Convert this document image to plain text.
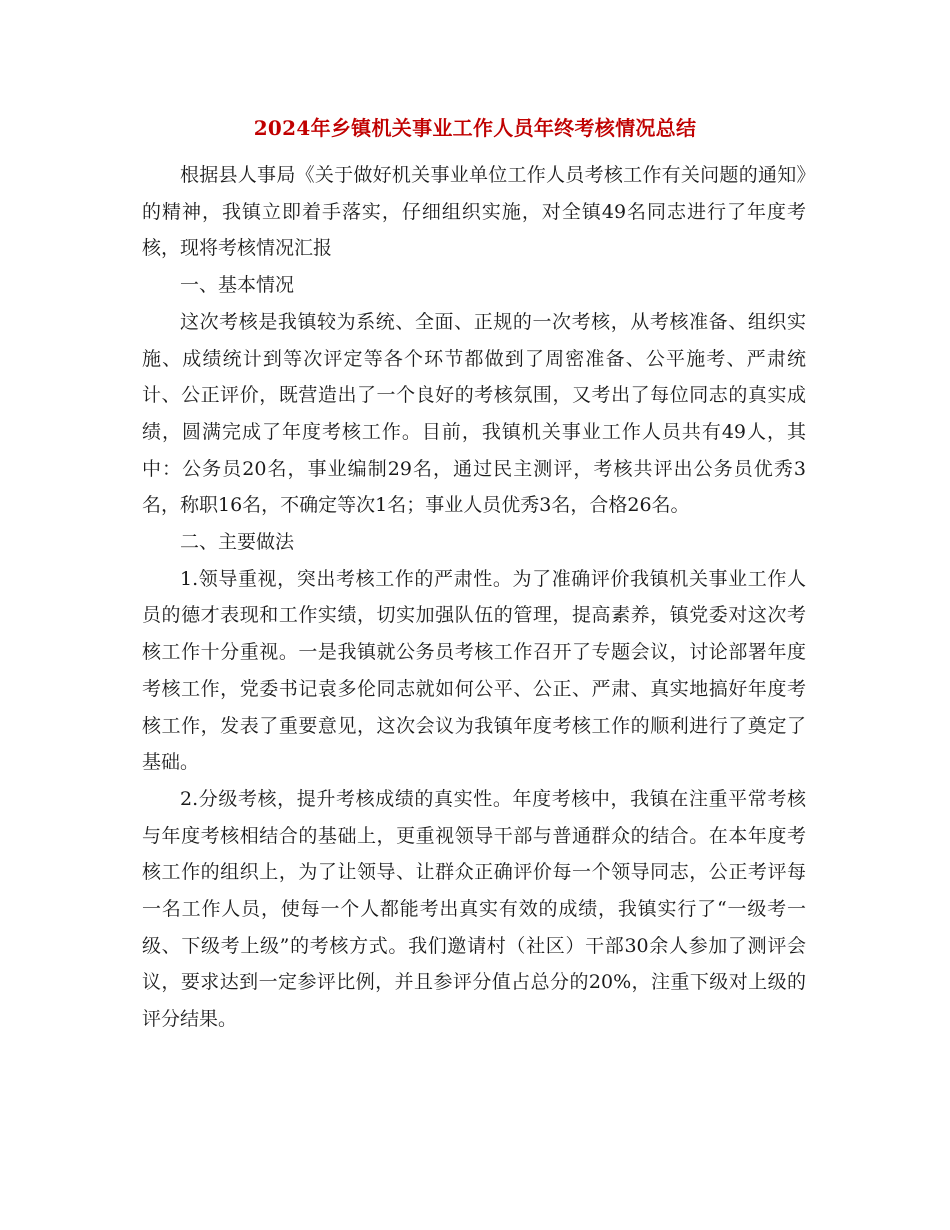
2024年乡镇机关事业工作人员年终考核情况总结

根据县人事局《关于做好机关事业单位工作人员考核工作有关问题的通知》的精神，我镇立即着手落实，仔细组织实施，对全镇49名同志进行了年度考核，现将考核情况汇报

一、基本情况

这次考核是我镇较为系统、全面、正规的一次考核，从考核准备、组织实施、成绩统计到等次评定等各个环节都做到了周密准备、公平施考、严肃统计、公正评价，既营造出了一个良好的考核氛围，又考出了每位同志的真实成绩，圆满完成了年度考核工作。目前，我镇机关事业工作人员共有49人，其中：公务员20名，事业编制29名，通过民主测评，考核共评出公务员优秀3名，称职16名，不确定等次1名；事业人员优秀3名，合格26名。

二、主要做法

1.领导重视，突出考核工作的严肃性。为了准确评价我镇机关事业工作人员的德才表现和工作实绩，切实加强队伍的管理，提高素养，镇党委对这次考核工作十分重视。一是我镇就公务员考核工作召开了专题会议，讨论部署年度考核工作，党委书记袁多伦同志就如何公平、公正、严肃、真实地搞好年度考核工作，发表了重要意见，这次会议为我镇年度考核工作的顺利进行了奠定了基础。

2.分级考核，提升考核成绩的真实性。年度考核中，我镇在注重平常考核与年度考核相结合的基础上，更重视领导干部与普通群众的结合。在本年度考核工作的组织上，为了让领导、让群众正确评价每一个领导同志，公正考评每一名工作人员，使每一个人都能考出真实有效的成绩，我镇实行了“一级考一级、下级考上级”的考核方式。我们邀请村（社区）干部30余人参加了测评会议，要求达到一定参评比例，并且参评分值占总分的20%，注重下级对上级的评分结果。
